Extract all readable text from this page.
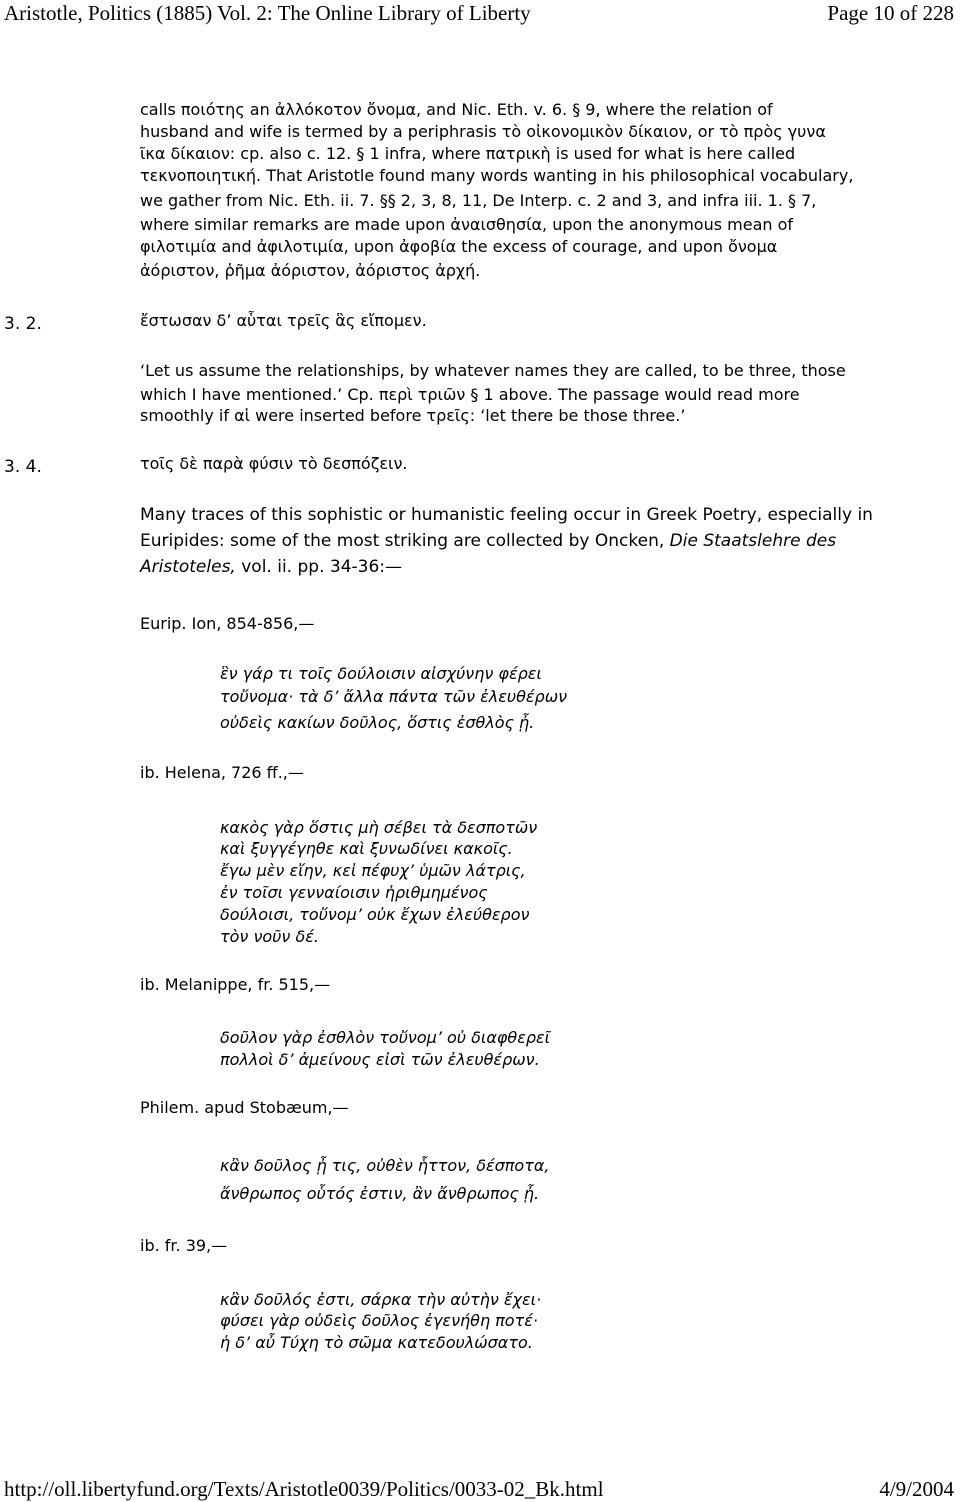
Aristotle, Politics (1885) Vol. 2: The Online Library of Liberty	Page 10 of 228
calls ποιότης an ἀλλόκοτον ὄνομα, and Nic. Eth. v. 6. § 9, where the relation of
husband and wife is termed by a periphrasis τὸ οἰκονομικὸν δίκαιον, or τὸ πρὸς γυνα
ῖκα δίκαιον: cp. also c. 12. § 1 infra, where πατρικὴ is used for what is here called
τεκνοποιητική. That Aristotle found many words wanting in his philosophical vocabulary,
we gather from Nic. Eth. ii. 7. §§ 2, 3, 8, 11, De Interp. c. 2 and 3, and infra iii. 1. § 7,
where similar remarks are made upon ἀναισθησία, upon the anonymous mean of
φιλοτιμία and ἀφιλοτιμία, upon ἀφοβία the excess of courage, and upon ὄνομα
ἀόριστον, ῥῆμα ἀόριστον, ἀόριστος ἀρχή.
3. 2.	ἔστωσαν δ’ αὗται τρεῖς ἃς εἴπομεν.
‘Let us assume the relationships, by whatever names they are called, to be three, those
which I have mentioned.’ Cp. περὶ τριῶν § 1 above. The passage would read more
smoothly if αἱ were inserted before τρεῖς: ‘let there be those three.’
3. 4.	τοῖς δὲ παρὰ φύσιν τὸ δεσπόζειν.
Many traces of this sophistic or humanistic feeling occur in Greek Poetry, especially in
Euripides: some of the most striking are collected by Oncken, Die Staatslehre des
Aristoteles, vol. ii. pp. 34-36:—
Eurip. Ion, 854-856,—
ἓν γάρ τι τοῖς δούλοισιν αἰσχύνην φέρει
τοὔνομα· τὰ δ’ ἄλλα πάντα τῶν ἐλευθέρων
οὐδεὶς κακίων δοῦλος, ὅστις ἐσθλὸς ᾖ.
ib. Helena, 726 ff.,—
κακὸς γὰρ ὅστις μὴ σέβει τὰ δεσποτῶν
καὶ ξυγγέγηθε καὶ ξυνωδίνει κακοῖς.
ἔγω μὲν εἴην, κεἰ πέφυχ’ ὑμῶν λάτρις,
ἐν τοῖσι γενναίοισιν ἠριθμημένος
δούλοισι, τοὔνομ’ οὐκ ἔχων ἐλεύθερον
τὸν νοῦν δέ.
ib. Melanippe, fr. 515,—
δοῦλον γὰρ ἐσθλὸν τοὔνομ’ οὐ διαφθερεῖ
πολλοὶ δ’ ἀμείνους εἰσὶ τῶν ἐλευθέρων.
Philem. apud Stobæum,—
κἂν δοῦλος ᾖ τις, οὐθὲν ἧττον, δέσποτα,
ἄνθρωπος οὗτός ἐστιν, ἂν ἄνθρωπος ᾖ.
ib. fr. 39,—
κἂν δοῦλός ἐστι, σάρκα τὴν αὐτὴν ἔχει·
φύσει γὰρ οὐδεὶς δοῦλος ἐγενήθη ποτέ·
ἡ δ’ αὖ Τύχη τὸ σῶμα κατεδουλώσατο.
http://oll.libertyfund.org/Texts/Aristotle0039/Politics/0033-02_Bk.html	4/9/2004
